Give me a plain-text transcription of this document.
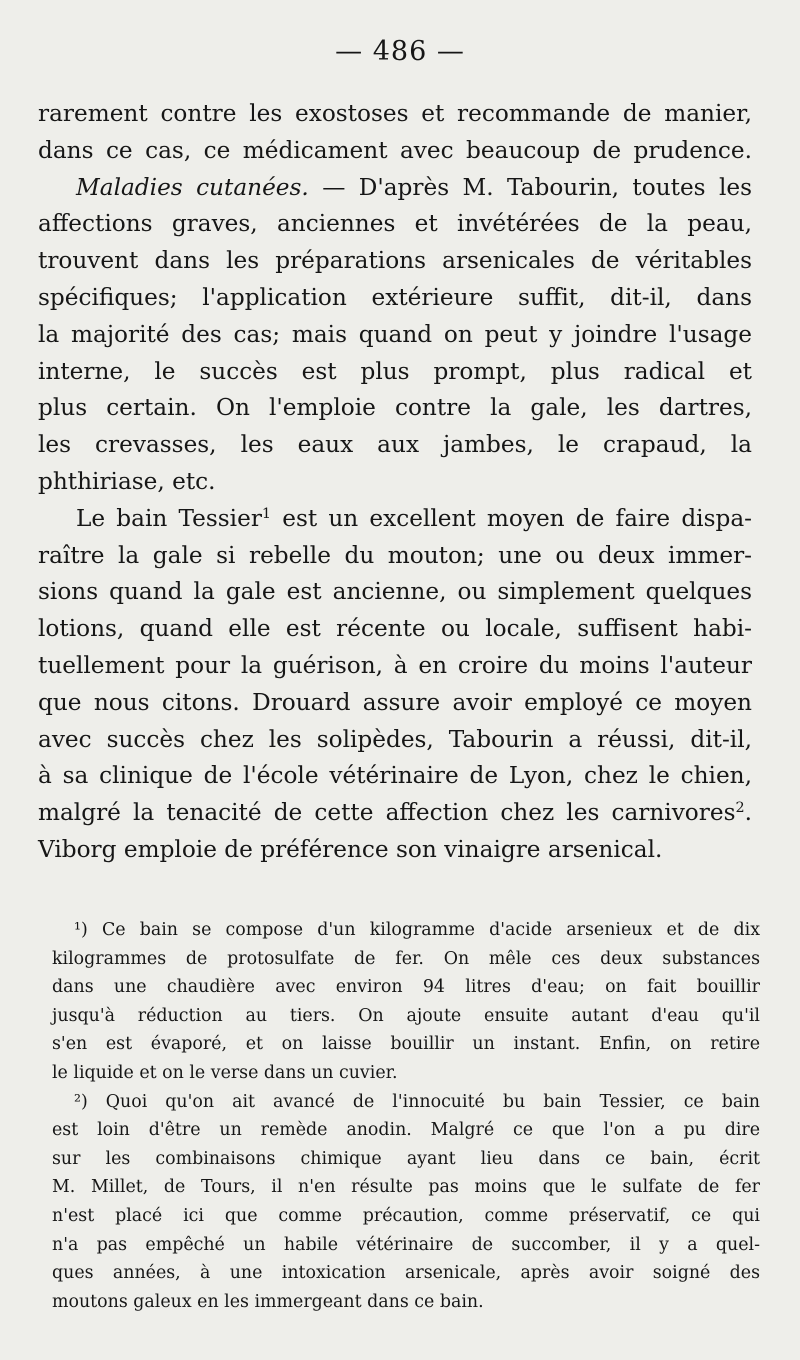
— 486 —
rarement contre les exostoses et recommande de manier,
dans ce cas, ce médicament avec beaucoup de prudence.
Maladies cutanées. — D'après M. Tabourin, toutes les
affections graves, anciennes et invétérées de la peau,
trouvent dans les préparations arsenicales de véritables
spécifiques; l'application extérieure suffit, dit-il, dans
la majorité des cas; mais quand on peut y joindre l'usage
interne, le succès est plus prompt, plus radical et
plus certain. On l'emploie contre la gale, les dartres,
les crevasses, les eaux aux jambes, le crapaud, la
phthiriase, etc.
Le bain Tessier$^1$ est un excellent moyen de faire dispa-
raître la gale si rebelle du mouton; une ou deux immer-
sions quand la gale est ancienne, ou simplement quelques
lotions, quand elle est récente ou locale, suffisent habi-
tuellement pour la guérison, à en croire du moins l'auteur
que nous citons. Drouard assure avoir employé ce moyen
avec succès chez les solipèdes, Tabourin a réussi, dit-il,
à sa clinique de l'école vétérinaire de Lyon, chez le chien,
malgré la tenacité de cette affection chez les carnivores$^2$.
Viborg emploie de préférence son vinaigre arsenical.
¹) Ce bain se compose d'un kilogramme d'acide arsenieux et de dix
kilogrammes de protosulfate de fer. On mêle ces deux substances
dans une chaudière avec environ 94 litres d'eau; on fait bouillir
jusqu'à réduction au tiers. On ajoute ensuite autant d'eau qu'il
s'en est évaporé, et on laisse bouillir un instant. Enfin, on retire
le liquide et on le verse dans un cuvier.
²) Quoi qu'on ait avancé de l'innocuité bu bain Tessier, ce bain
est loin d'être un remède anodin. Malgré ce que l'on a pu dire
sur les combinaisons chimique ayant lieu dans ce bain, écrit
M. Millet, de Tours, il n'en résulte pas moins que le sulfate de fer
n'est placé ici que comme précaution, comme préservatif, ce qui
n'a pas empêché un habile vétérinaire de succomber, il y a quel-
ques années, à une intoxication arsenicale, après avoir soigné des
moutons galeux en les immergeant dans ce bain.
